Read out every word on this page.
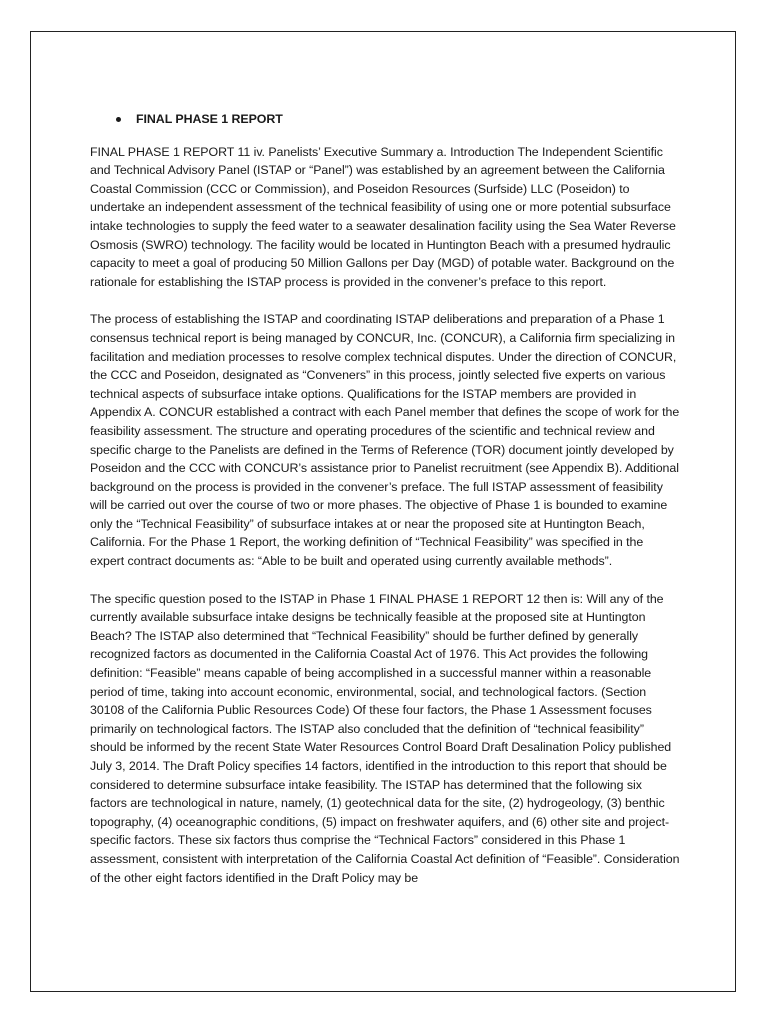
FINAL PHASE 1 REPORT

FINAL PHASE 1 REPORT 11 iv. Panelists’ Executive Summary a. Introduction The Independent Scientific and Technical Advisory Panel (ISTAP or “Panel”) was established by an agreement between the California Coastal Commission (CCC or Commission), and Poseidon Resources (Surfside) LLC (Poseidon) to undertake an independent assessment of the technical feasibility of using one or more potential subsurface intake technologies to supply the feed water to a seawater desalination facility using the Sea Water Reverse Osmosis (SWRO) technology. The facility would be located in Huntington Beach with a presumed hydraulic capacity to meet a goal of producing 50 Million Gallons per Day (MGD) of potable water. Background on the rationale for establishing the ISTAP process is provided in the convener’s preface to this report.

The process of establishing the ISTAP and coordinating ISTAP deliberations and preparation of a Phase 1 consensus technical report is being managed by CONCUR, Inc. (CONCUR), a California firm specializing in facilitation and mediation processes to resolve complex technical disputes. Under the direction of CONCUR, the CCC and Poseidon, designated as “Conveners” in this process, jointly selected five experts on various technical aspects of subsurface intake options. Qualifications for the ISTAP members are provided in Appendix A. CONCUR established a contract with each Panel member that defines the scope of work for the feasibility assessment. The structure and operating procedures of the scientific and technical review and specific charge to the Panelists are defined in the Terms of Reference (TOR) document jointly developed by Poseidon and the CCC with CONCUR’s assistance prior to Panelist recruitment (see Appendix B). Additional background on the process is provided in the convener’s preface. The full ISTAP assessment of feasibility will be carried out over the course of two or more phases. The objective of Phase 1 is bounded to examine only the “Technical Feasibility” of subsurface intakes at or near the proposed site at Huntington Beach, California. For the Phase 1 Report, the working definition of “Technical Feasibility” was specified in the expert contract documents as: “Able to be built and operated using currently available methods”.

The specific question posed to the ISTAP in Phase 1 FINAL PHASE 1 REPORT 12 then is: Will any of the currently available subsurface intake designs be technically feasible at the proposed site at Huntington Beach? The ISTAP also determined that “Technical Feasibility” should be further defined by generally recognized factors as documented in the California Coastal Act of 1976. This Act provides the following definition: “Feasible” means capable of being accomplished in a successful manner within a reasonable period of time, taking into account economic, environmental, social, and technological factors. (Section 30108 of the California Public Resources Code) Of these four factors, the Phase 1 Assessment focuses primarily on technological factors. The ISTAP also concluded that the definition of “technical feasibility” should be informed by the recent State Water Resources Control Board Draft Desalination Policy published July 3, 2014. The Draft Policy specifies 14 factors, identified in the introduction to this report that should be considered to determine subsurface intake feasibility. The ISTAP has determined that the following six factors are technological in nature, namely, (1) geotechnical data for the site, (2) hydrogeology, (3) benthic topography, (4) oceanographic conditions, (5) impact on freshwater aquifers, and (6) other site and project-specific factors. These six factors thus comprise the “Technical Factors” considered in this Phase 1 assessment, consistent with interpretation of the California Coastal Act definition of “Feasible”. Consideration of the other eight factors identified in the Draft Policy may be
